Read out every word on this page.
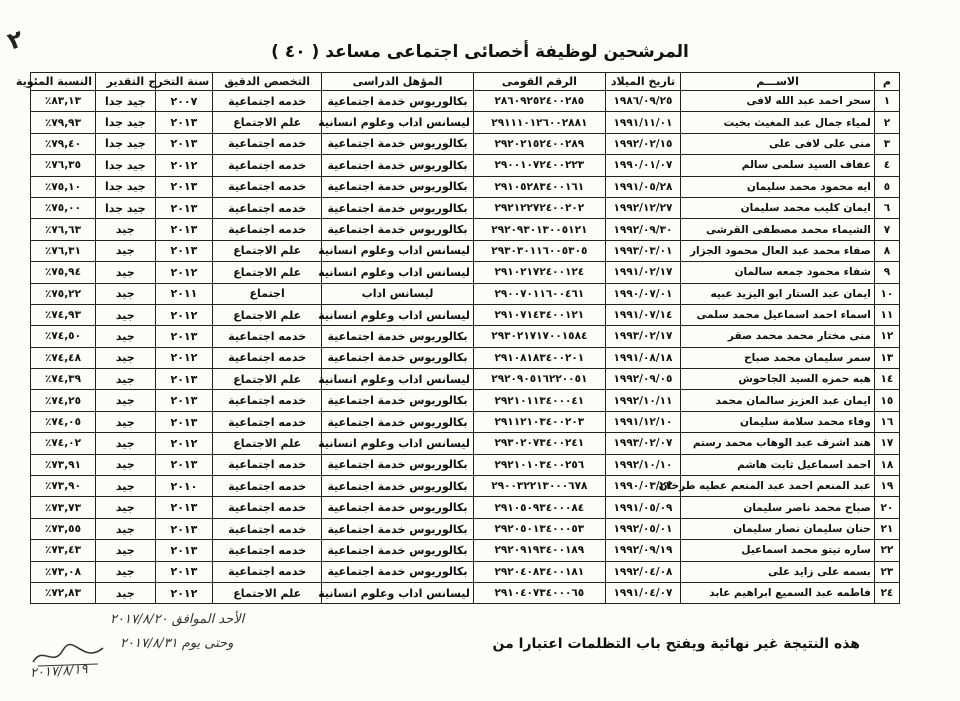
٢	المرشحين لوظيفة أخصائى اجتماعى مساعد ( ٤٠ )
م	الاســـم	تاريخ الميلاد	الرقم القومى	المؤهل الدراسى	التخصص الدقيق	سنة التخرج	التقدير	النسبة المئوية
١	سحر احمد عبد الله لافى	١٩٨٦/٠٩/٢٥	٢٨٦٠٩٢٥٢٤٠٠٢٨٥	بكالوريوس خدمة اجتماعية	خدمه اجتماعية	٢٠٠٧	جيد جدا	٨٣,١٣٪
٢	لمياء جمال عبد المغيث بخيت	١٩٩١/١١/٠١	٢٩١١١٠١٢٦٠٠٢٨٨١	ليسانس اداب وعلوم انسانية	علم الاجتماع	٢٠١٣	جيد جدا	٧٩,٩٣٪
٣	منى على لافى على	١٩٩٢/٠٢/١٥	٢٩٢٠٢١٥٢٤٠٠٢٨٩	بكالوريوس خدمة اجتماعية	خدمه اجتماعية	٢٠١٣	جيد جدا	٧٩,٤٠٪
٤	عفاف السيد سلمى سالم	١٩٩٠/٠١/٠٧	٢٩٠٠١٠٧٢٤٠٠٢٢٣	بكالوريوس خدمة اجتماعية	خدمه اجتماعية	٢٠١٢	جيد جدا	٧٦,٣٥٪
٥	ايه محمود محمد سليمان	١٩٩١/٠٥/٢٨	٢٩١٠٥٢٨٣٤٠٠١٦١	بكالوريوس خدمة اجتماعية	خدمه اجتماعية	٢٠١٣	جيد جدا	٧٥,١٠٪
٦	ايمان كليب محمد سليمان	١٩٩٢/١٢/٢٧	٢٩٢١٢٢٧٢٤٠٠٢٠٢	بكالوريوس خدمة اجتماعية	خدمه اجتماعية	٢٠١٣	جيد جدا	٧٥,٠٠٪
٧	الشيماء محمد مصطفى القرشى	١٩٩٢/٠٩/٣٠	٢٩٢٠٩٣٠١٣٠٠٥١٢١	بكالوريوس خدمة اجتماعية	خدمه اجتماعية	٢٠١٣	جيد	٧٦,٦٣٪
٨	صفاء محمد عبد العال محمود الجزار	١٩٩٣/٠٣/٠١	٢٩٣٠٣٠١١٦٠٠٥٣٠٥	ليسانس اداب وعلوم انسانية	علم الاجتماع	٢٠١٣	جيد	٧٦,٣١٪
٩	شفاء محمود جمعه سالمان	١٩٩١/٠٢/١٧	٢٩١٠٢١٧٢٤٠٠١٢٤	ليسانس اداب وعلوم انسانية	علم الاجتماع	٢٠١٢	جيد	٧٥,٩٤٪
١٠	ايمان عبد الستار ابو اليزيد عبيه	١٩٩٠/٠٧/٠١	٢٩٠٠٧٠١١٦٠٠٤٦١	ليسانس اداب	اجتماع	٢٠١١	جيد	٧٥,٢٢٪
١١	اسماء احمد اسماعيل محمد سلمى	١٩٩١/٠٧/١٤	٢٩١٠٧١٤٣٤٠٠١٢١	ليسانس اداب وعلوم انسانية	علم الاجتماع	٢٠١٢	جيد	٧٤,٩٣٪
١٢	منى مختار محمد محمد صقر	١٩٩٣/٠٢/١٧	٢٩٣٠٢١٧١٧٠٠١٥٨٤	بكالوريوس خدمة اجتماعية	خدمه اجتماعية	٢٠١٣	جيد	٧٤,٥٠٪
١٣	سمر سليمان محمد صباح	١٩٩١/٠٨/١٨	٢٩١٠٨١٨٣٤٠٠٢٠١	بكالوريوس خدمة اجتماعية	خدمه اجتماعية	٢٠١٢	جيد	٧٤,٤٨٪
١٤	هبه حمزه السيد الجاحوش	١٩٩٢/٠٩/٠٥	٢٩٢٠٩٠٥١٦٢٢٠٠٥١	ليسانس اداب وعلوم انسانية	علم الاجتماع	٢٠١٣	جيد	٧٤,٣٩٪
١٥	ايمان عبد العزيز سالمان محمد	١٩٩٢/١٠/١١	٢٩٢١٠١١٣٤٠٠٠٤١	بكالوريوس خدمة اجتماعية	خدمه اجتماعية	٢٠١٣	جيد	٧٤,٢٥٪
١٦	وفاء محمد سلامة سليمان	١٩٩١/١٢/١٠	٢٩١١٢١٠٣٤٠٠٢٠٣	بكالوريوس خدمة اجتماعية	خدمه اجتماعية	٢٠١٣	جيد	٧٤,٠٥٪
١٧	هند اشرف عبد الوهاب محمد رستم	١٩٩٣/٠٢/٠٧	٢٩٣٠٢٠٧٣٤٠٠٢٤١	ليسانس اداب وعلوم انسانية	علم الاجتماع	٢٠١٢	جيد	٧٤,٠٢٪
١٨	احمد اسماعيل ثابت هاشم	١٩٩٢/١٠/١٠	٢٩٢١٠١٠٣٤٠٠٢٥٦	بكالوريوس خدمة اجتماعية	خدمه اجتماعية	٢٠١٣	جيد	٧٣,٩١٪
١٩	عبد المنعم احمد عبد المنعم عطيه طرخان	١٩٩٠/٠٣/٢٢	٢٩٠٠٣٢٢١٣٠٠٠٦٧٨	بكالوريوس خدمة اجتماعية	خدمه اجتماعية	٢٠١٠	جيد	٧٣,٩٠٪
٢٠	صباح محمد ناصر سليمان	١٩٩١/٠٥/٠٩	٢٩١٠٥٠٩٣٤٠٠٠٨٤	بكالوريوس خدمة اجتماعية	خدمه اجتماعية	٢٠١٣	جيد	٧٣,٧٣٪
٢١	حنان سليمان نصار سليمان	١٩٩٢/٠٥/٠١	٢٩٢٠٥٠١٣٤٠٠٠٥٣	بكالوريوس خدمة اجتماعية	خدمه اجتماعية	٢٠١٣	جيد	٧٣,٥٥٪
٢٢	ساره تيتو محمد اسماعيل	١٩٩٢/٠٩/١٩	٢٩٢٠٩١٩٣٤٠٠١٨٩	بكالوريوس خدمة اجتماعية	خدمه اجتماعية	٢٠١٣	جيد	٧٣,٤٣٪
٢٣	بسمه على زايد على	١٩٩٢/٠٤/٠٨	٢٩٢٠٤٠٨٣٤٠٠١٨١	بكالوريوس خدمة اجتماعية	خدمه اجتماعية	٢٠١٣	جيد	٧٣,٠٨٪
٢٤	فاطمه عبد السميع ابراهيم عابد	١٩٩١/٠٤/٠٧	٢٩١٠٤٠٧٣٤٠٠٠٦٥	ليسانس اداب وعلوم انسانية	علم الاجتماع	٢٠١٢	جيد	٧٢,٨٣٪
الأحد الموافق ٢٠١٧/٨/٢٠
وحتى يوم ٢٠١٧/٨/٣١	هذه النتيجة غير نهائية ويفتح باب التظلمات اعتبارا من
٢٠١٧/٨/١٩
